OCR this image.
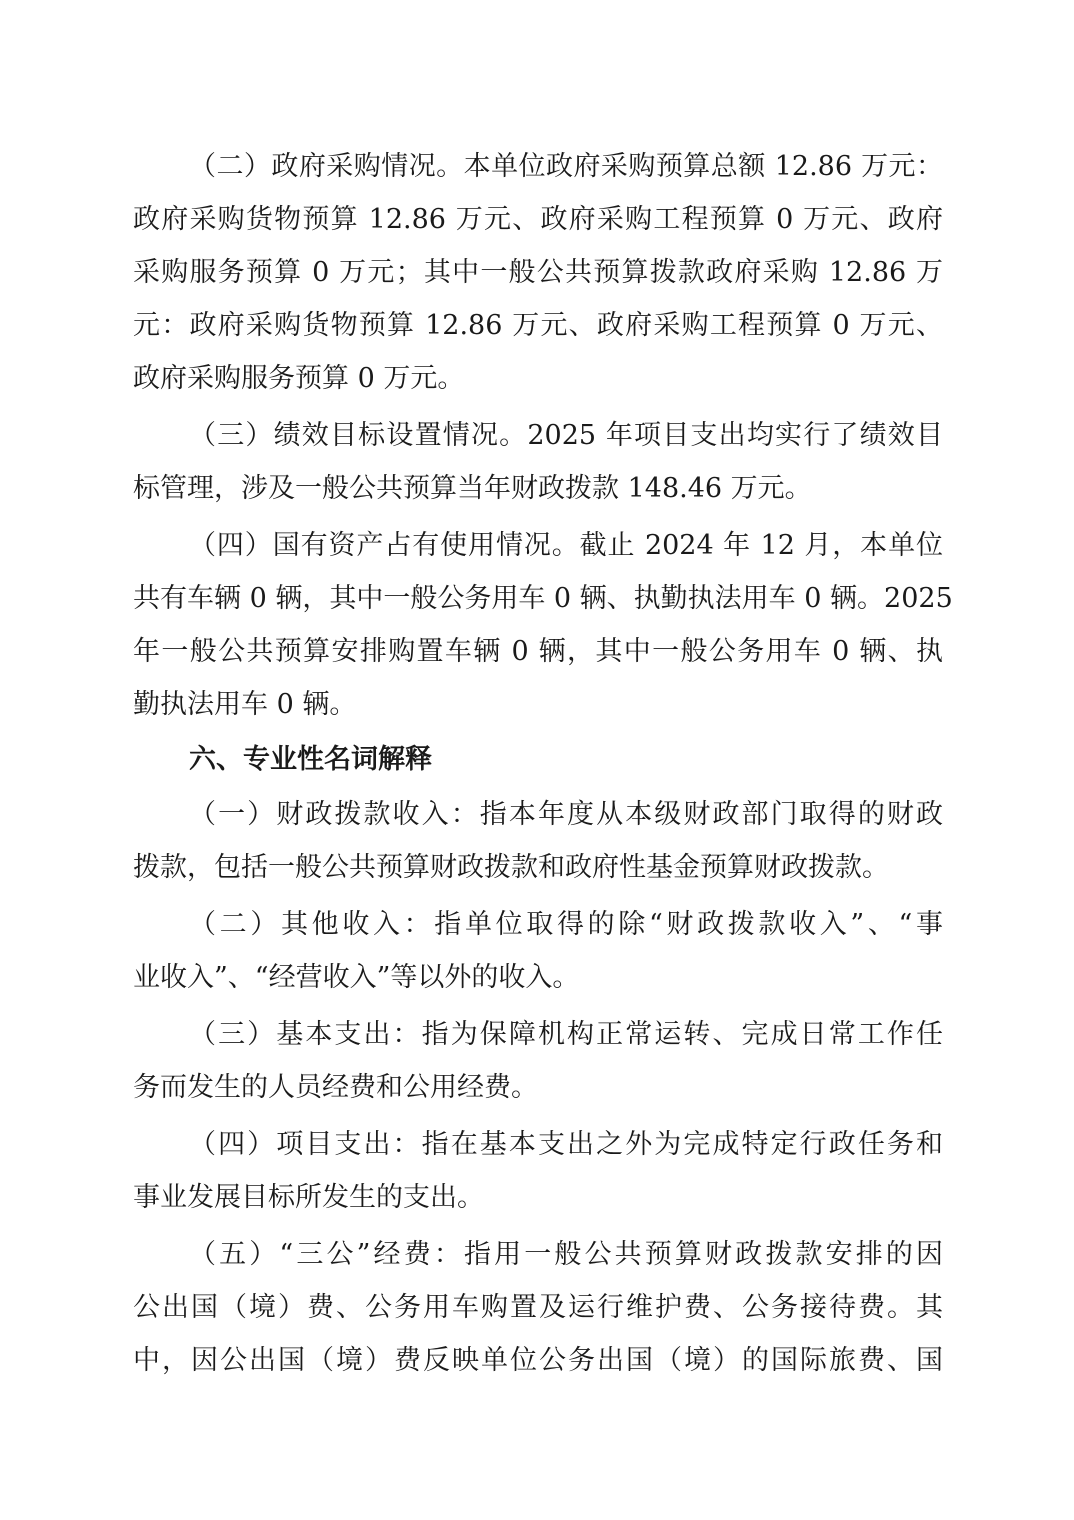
（二）政府采购情况。本单位政府采购预算总额 12.86 万元：
政府采购货物预算 12.86 万元、政府采购工程预算 0 万元、政府
采购服务预算 0 万元；其中一般公共预算拨款政府采购 12.86 万
元：政府采购货物预算 12.86 万元、政府采购工程预算 0 万元、
政府采购服务预算 0 万元。
（三）绩效目标设置情况。2025 年项目支出均实行了绩效目
标管理，涉及一般公共预算当年财政拨款 148.46 万元。
（四）国有资产占有使用情况。截止 2024 年 12 月，本单位
共有车辆 0 辆，其中一般公务用车 0 辆、执勤执法用车 0 辆。2025
年一般公共预算安排购置车辆 0 辆，其中一般公务用车 0 辆、执
勤执法用车 0 辆。
六、专业性名词解释
（一）财政拨款收入：指本年度从本级财政部门取得的财政
拨款，包括一般公共预算财政拨款和政府性基金预算财政拨款。
（二）其他收入：指单位取得的除“财政拨款收入”、“事
业收入”、“经营收入”等以外的收入。
（三）基本支出：指为保障机构正常运转、完成日常工作任
务而发生的人员经费和公用经费。
（四）项目支出：指在基本支出之外为完成特定行政任务和
事业发展目标所发生的支出。
（五）“三公”经费：指用一般公共预算财政拨款安排的因
公出国（境）费、公务用车购置及运行维护费、公务接待费。其
中，因公出国（境）费反映单位公务出国（境）的国际旅费、国
